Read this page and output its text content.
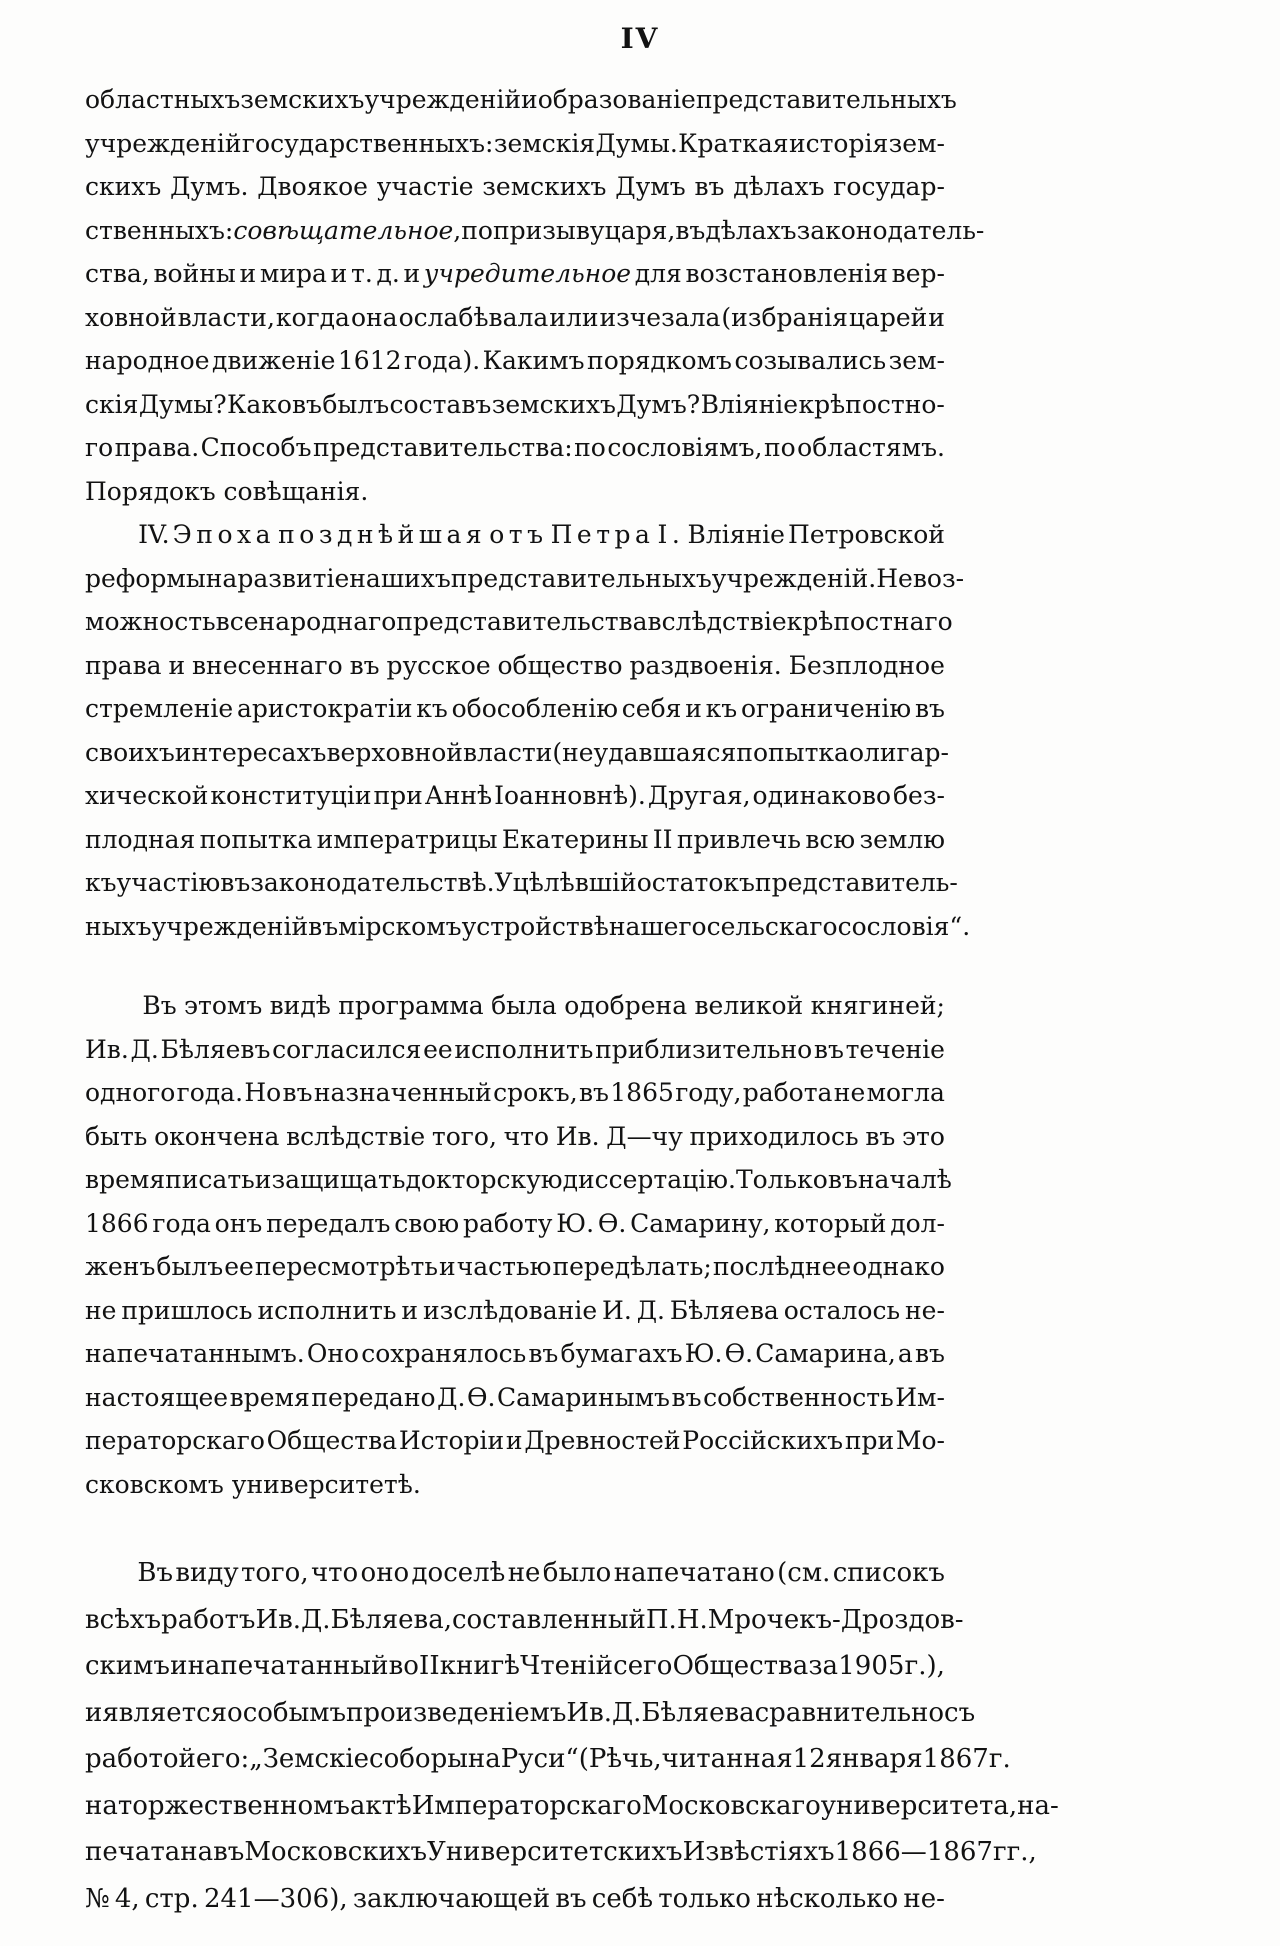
IV
областныхъ земскихъ учрежденій и образованіе представительныхъ
учрежденій государственныхъ: земскія Думы. Краткая исторія зем-
скихъ Думъ. Двоякое участіе земскихъ Думъ въ дѣлахъ государ-
ственныхъ: совѣщательное , по призыву царя, въ дѣлахъ законодатель-
ства, войны и мира и т. д. и учредительное для возстановленія вер-
ховной власти, когда она ослабѣвала или изчезала (избранія царей и
народное движеніе 1612 года). Какимъ порядкомъ созывались зем-
скія Думы? Каковъ былъ составъ земскихъ Думъ? Вліяніе крѣпостно-
го права. Способъ представительства: по сословіямъ, по областямъ.
Порядокъ совѣщанія.
IV. Эпоха позднѣйшая отъ Петра I. Вліяніе Петровской
реформы на развитіе нашихъ представительныхъ учрежденій. Невоз-
можность всенароднаго представительства вслѣдствіе крѣпостнаго
права и внесеннаго въ русское общество раздвоенія. Безплодное
стремленіе аристократіи къ обособленію себя и къ ограниченію въ
своихъ интересахъ верховной власти (неудавшаяся попытка олигар-
хической конституціи при Аннѣ Іоанновнѣ). Другая, одинаково без-
плодная попытка императрицы Екатерины II привлечь всю землю
къ участію въ законодательствѣ. Уцѣлѣвшій остатокъ представитель-
ныхъ учрежденій въ мірскомъ устройствѣ нашего сельскаго сословія“.
Въ этомъ видѣ программа была одобрена великой княгиней;
Ив. Д. Бѣляевъ согласился ее исполнить приблизительно въ теченіе
одного года. Но въ назначенный срокъ, въ 1865 году, работа не могла
быть окончена вслѣдствіе того, что Ив. Д—чу приходилось въ это
время писать и защищать докторскую диссертацію. Только въ началѣ
1866 года онъ передалъ свою работу Ю. Ѳ. Самарину, который дол-
женъ былъ ее пересмотрѣть и частью передѣлать; послѣднее однако
не пришлось исполнить и изслѣдованіе И. Д. Бѣляева осталось не-
напечатаннымъ. Оно сохранялось въ бумагахъ Ю. Ѳ. Самарина, а въ
настоящее время передано Д. Ѳ. Самаринымъ въ собственность Им-
ператорскаго Общества Исторіи и Древностей Россійскихъ при Мо-
сковскомъ университетѣ.
Въ виду того, что оно доселѣ не было напечатано (см. списокъ
всѣхъ работъ Ив. Д. Бѣляева, составленный П. Н. Мрочекъ-Дроздов-
скимъ и напечатанный во II книгѣ Чтеній сего Общества за 1905 г.),
и является особымъ произведеніемъ Ив. Д. Бѣляева сравнительно съ
работой его: „Земскіе соборы на Руси“ (Рѣчь, читанная 12 января 1867 г.
на торжественномъ актѣ Императорскаго Московскаго университета, на-
печатана въ Московскихъ Университетскихъ Извѣстіяхъ 1866—1867 гг.,
№ 4, стр. 241—306), заключающей въ себѣ только нѣсколько не-
